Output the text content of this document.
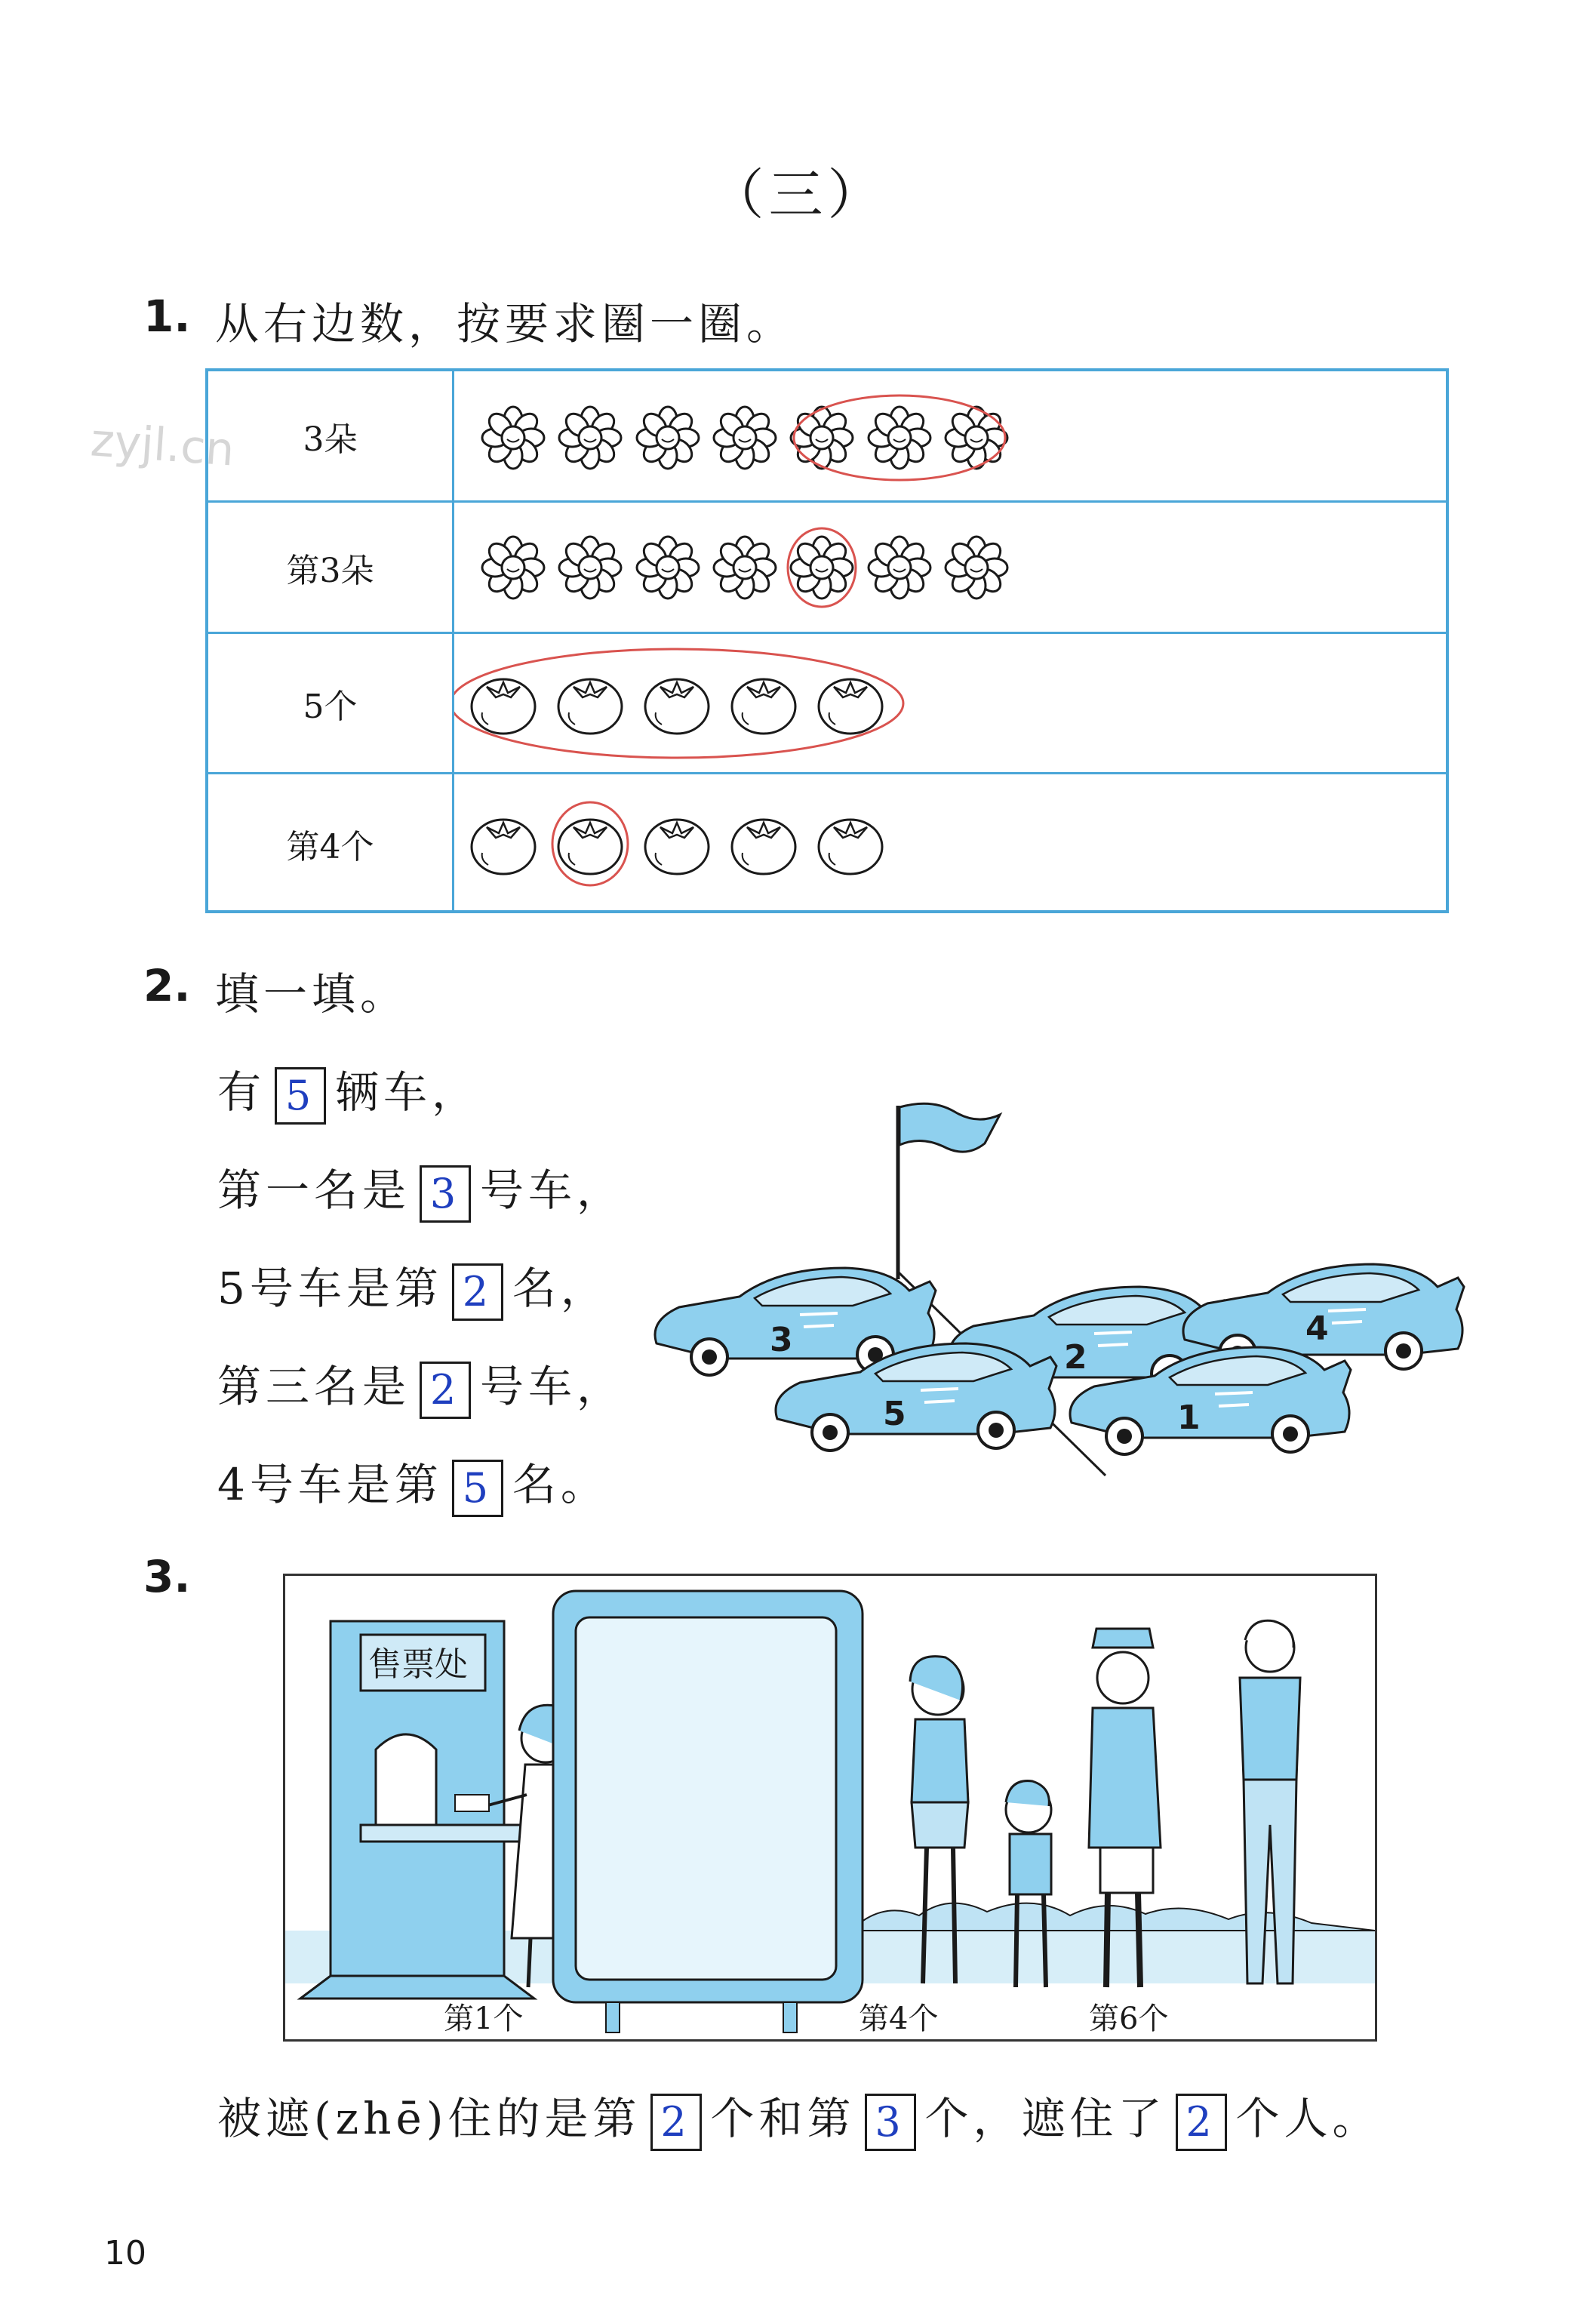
（三）
zyjl.cn
1. 从右边数，按要求圈一圈。
3朵
第3朵
5个
第4个
2. 填一填。
有 5 辆车，
第一名是 3 号车，
5号车是第 2 名，
第三名是 2 号车，
4号车是第 5 名。
3	2
4
5	1
3.
售票处
第1个	第4个	第6个
被遮(zhē)住的是第 2 个和第 3 个，遮住了 2 个人。
10
